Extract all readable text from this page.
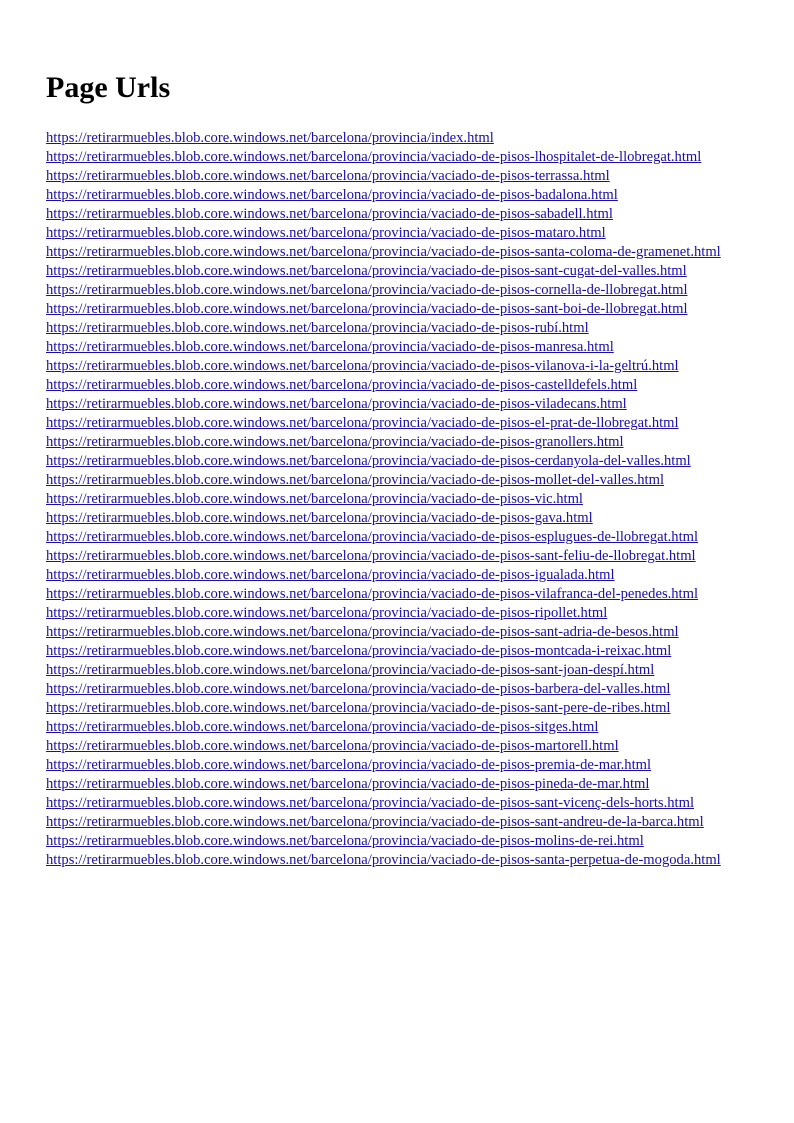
Page Urls
https://retirarmuebles.blob.core.windows.net/barcelona/provincia/index.html
https://retirarmuebles.blob.core.windows.net/barcelona/provincia/vaciado-de-pisos-lhospitalet-de-llobregat.html
https://retirarmuebles.blob.core.windows.net/barcelona/provincia/vaciado-de-pisos-terrassa.html
https://retirarmuebles.blob.core.windows.net/barcelona/provincia/vaciado-de-pisos-badalona.html
https://retirarmuebles.blob.core.windows.net/barcelona/provincia/vaciado-de-pisos-sabadell.html
https://retirarmuebles.blob.core.windows.net/barcelona/provincia/vaciado-de-pisos-mataro.html
https://retirarmuebles.blob.core.windows.net/barcelona/provincia/vaciado-de-pisos-santa-coloma-de-gramenet.html
https://retirarmuebles.blob.core.windows.net/barcelona/provincia/vaciado-de-pisos-sant-cugat-del-valles.html
https://retirarmuebles.blob.core.windows.net/barcelona/provincia/vaciado-de-pisos-cornella-de-llobregat.html
https://retirarmuebles.blob.core.windows.net/barcelona/provincia/vaciado-de-pisos-sant-boi-de-llobregat.html
https://retirarmuebles.blob.core.windows.net/barcelona/provincia/vaciado-de-pisos-rubí.html
https://retirarmuebles.blob.core.windows.net/barcelona/provincia/vaciado-de-pisos-manresa.html
https://retirarmuebles.blob.core.windows.net/barcelona/provincia/vaciado-de-pisos-vilanova-i-la-geltrú.html
https://retirarmuebles.blob.core.windows.net/barcelona/provincia/vaciado-de-pisos-castelldefels.html
https://retirarmuebles.blob.core.windows.net/barcelona/provincia/vaciado-de-pisos-viladecans.html
https://retirarmuebles.blob.core.windows.net/barcelona/provincia/vaciado-de-pisos-el-prat-de-llobregat.html
https://retirarmuebles.blob.core.windows.net/barcelona/provincia/vaciado-de-pisos-granollers.html
https://retirarmuebles.blob.core.windows.net/barcelona/provincia/vaciado-de-pisos-cerdanyola-del-valles.html
https://retirarmuebles.blob.core.windows.net/barcelona/provincia/vaciado-de-pisos-mollet-del-valles.html
https://retirarmuebles.blob.core.windows.net/barcelona/provincia/vaciado-de-pisos-vic.html
https://retirarmuebles.blob.core.windows.net/barcelona/provincia/vaciado-de-pisos-gava.html
https://retirarmuebles.blob.core.windows.net/barcelona/provincia/vaciado-de-pisos-esplugues-de-llobregat.html
https://retirarmuebles.blob.core.windows.net/barcelona/provincia/vaciado-de-pisos-sant-feliu-de-llobregat.html
https://retirarmuebles.blob.core.windows.net/barcelona/provincia/vaciado-de-pisos-igualada.html
https://retirarmuebles.blob.core.windows.net/barcelona/provincia/vaciado-de-pisos-vilafranca-del-penedes.html
https://retirarmuebles.blob.core.windows.net/barcelona/provincia/vaciado-de-pisos-ripollet.html
https://retirarmuebles.blob.core.windows.net/barcelona/provincia/vaciado-de-pisos-sant-adria-de-besos.html
https://retirarmuebles.blob.core.windows.net/barcelona/provincia/vaciado-de-pisos-montcada-i-reixac.html
https://retirarmuebles.blob.core.windows.net/barcelona/provincia/vaciado-de-pisos-sant-joan-despí.html
https://retirarmuebles.blob.core.windows.net/barcelona/provincia/vaciado-de-pisos-barbera-del-valles.html
https://retirarmuebles.blob.core.windows.net/barcelona/provincia/vaciado-de-pisos-sant-pere-de-ribes.html
https://retirarmuebles.blob.core.windows.net/barcelona/provincia/vaciado-de-pisos-sitges.html
https://retirarmuebles.blob.core.windows.net/barcelona/provincia/vaciado-de-pisos-martorell.html
https://retirarmuebles.blob.core.windows.net/barcelona/provincia/vaciado-de-pisos-premia-de-mar.html
https://retirarmuebles.blob.core.windows.net/barcelona/provincia/vaciado-de-pisos-pineda-de-mar.html
https://retirarmuebles.blob.core.windows.net/barcelona/provincia/vaciado-de-pisos-sant-vicenç-dels-horts.html
https://retirarmuebles.blob.core.windows.net/barcelona/provincia/vaciado-de-pisos-sant-andreu-de-la-barca.html
https://retirarmuebles.blob.core.windows.net/barcelona/provincia/vaciado-de-pisos-molins-de-rei.html
https://retirarmuebles.blob.core.windows.net/barcelona/provincia/vaciado-de-pisos-santa-perpetua-de-mogoda.html
